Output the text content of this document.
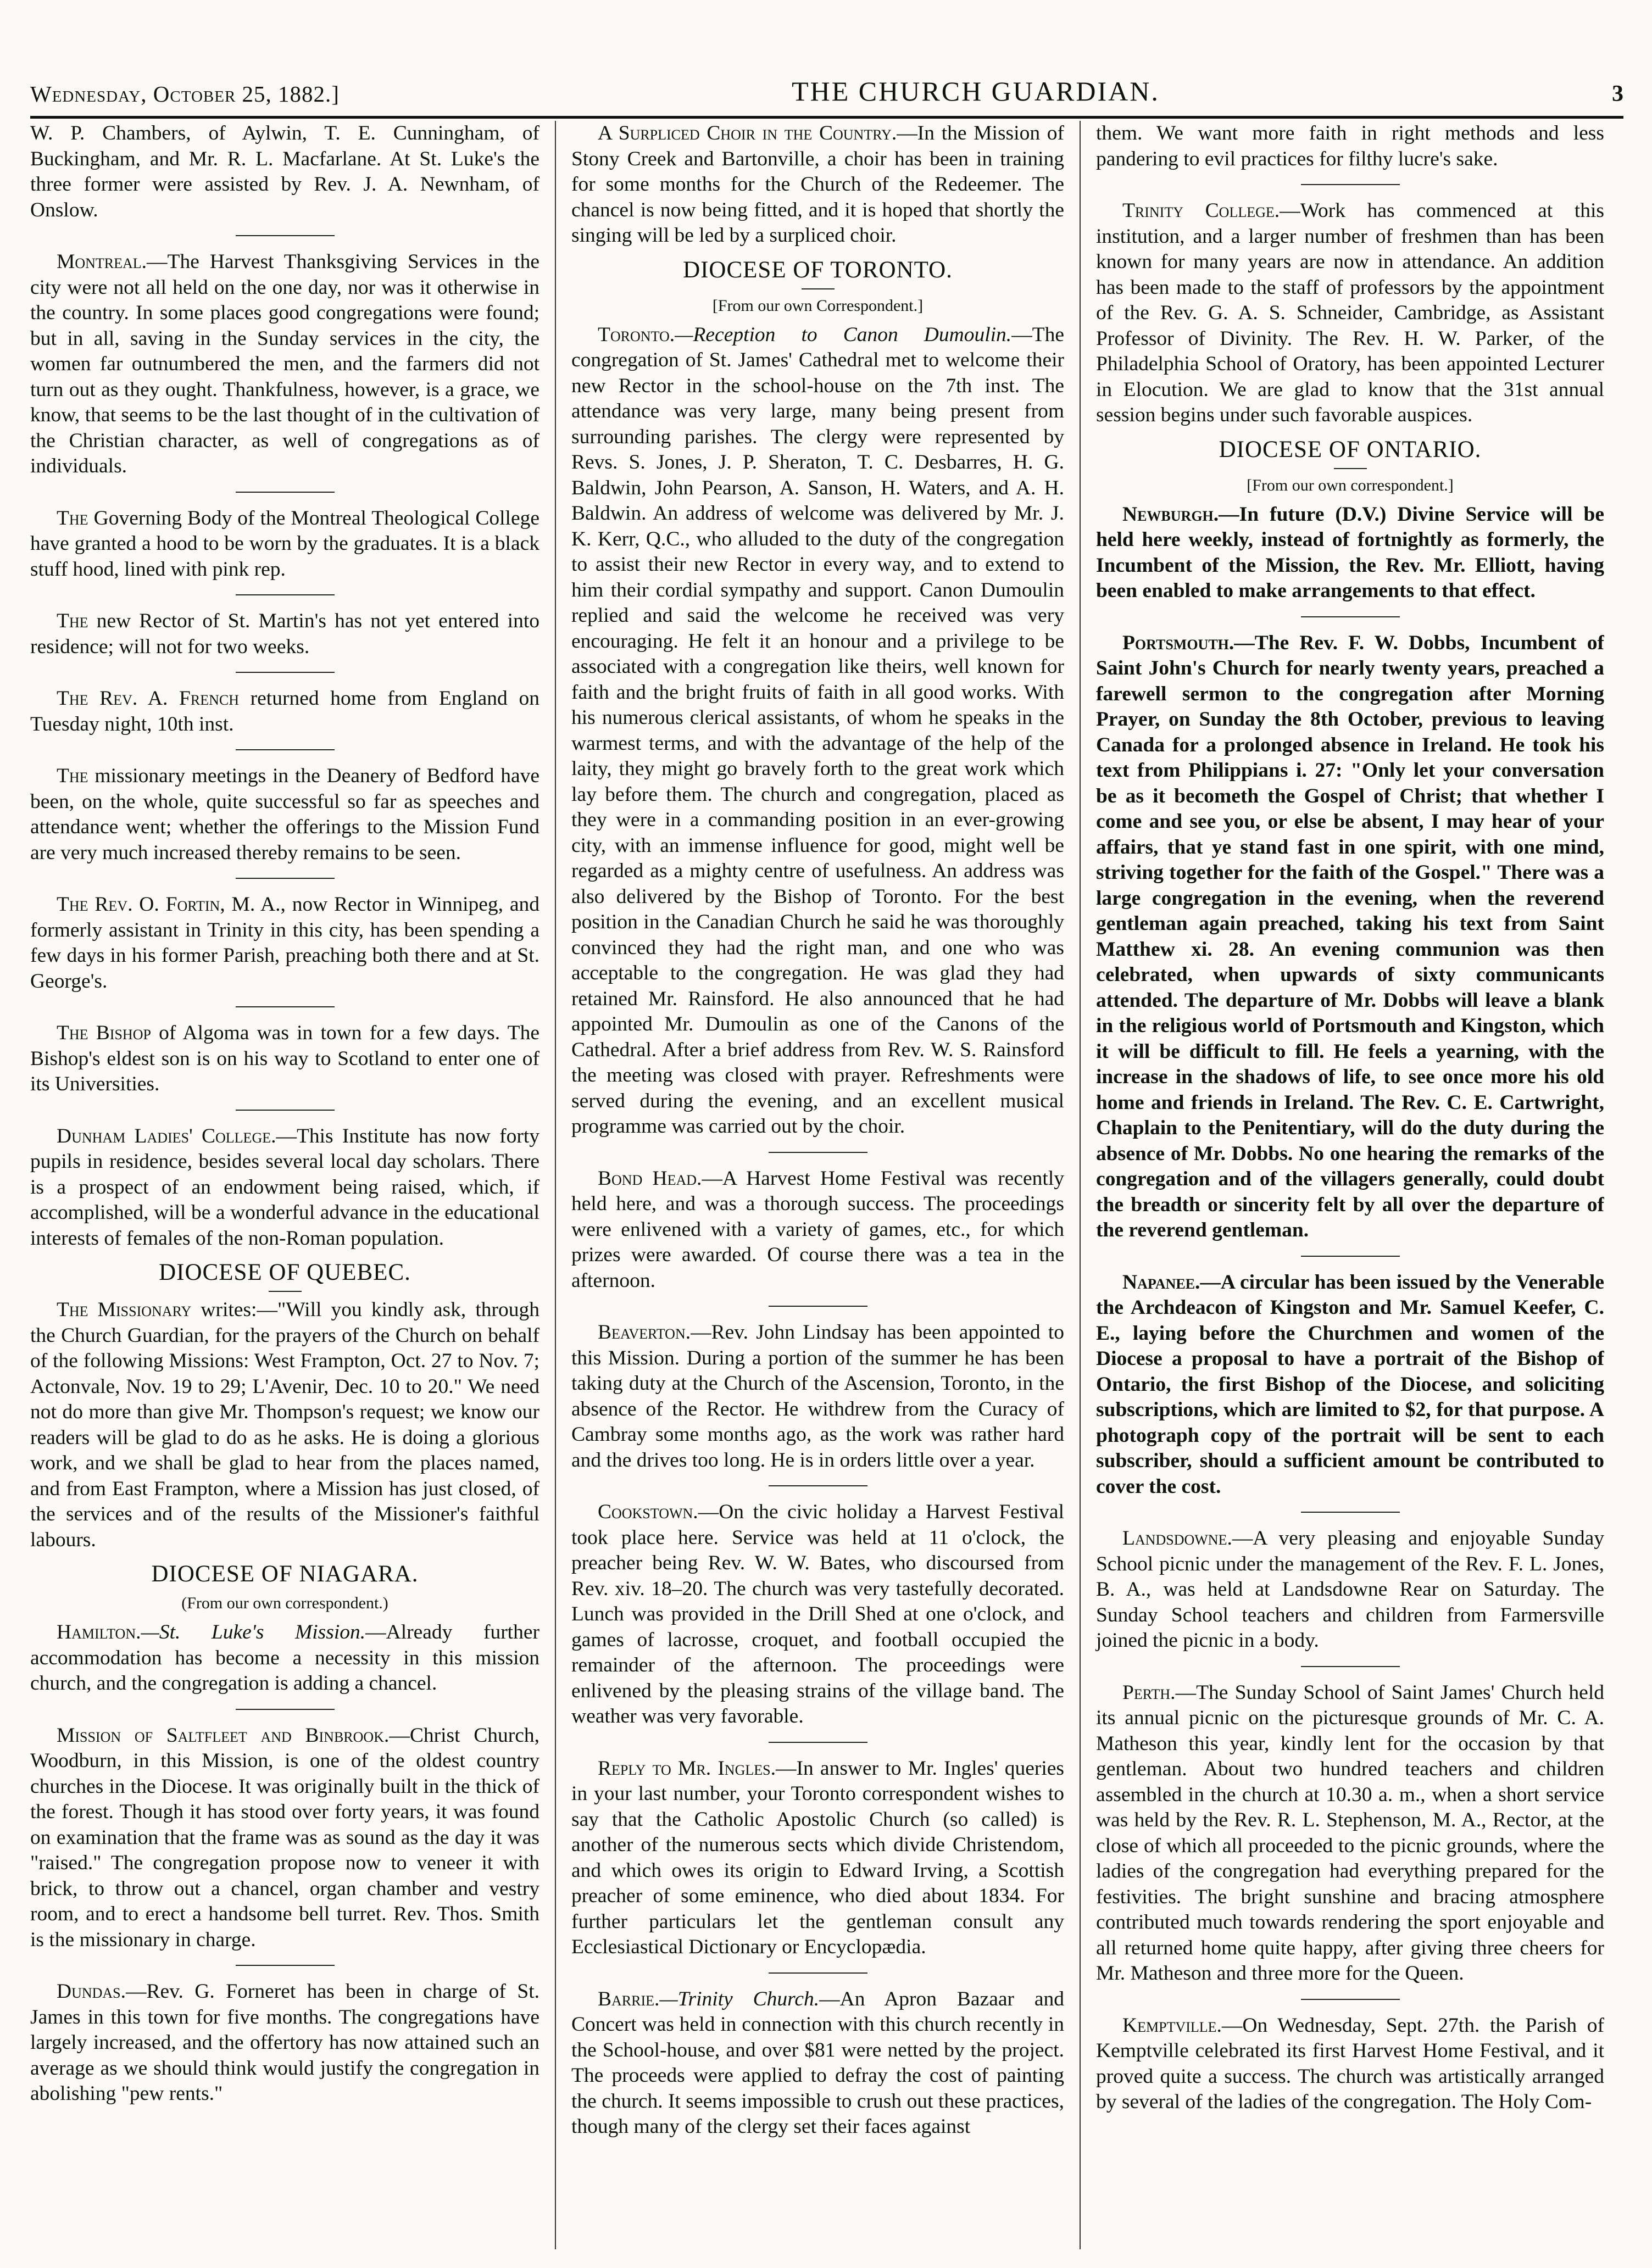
Wednesday, October 25, 1882.]	THE CHURCH GUARDIAN.	3

W. P. Chambers, of Aylwin, T. E. Cunningham, of Buckingham, and Mr. R. L. Macfarlane. At St. Luke's the three former were assisted by Rev. J. A. Newnham, of Onslow.

Montreal.—The Harvest Thanksgiving Services in the city were not all held on the one day, nor was it otherwise in the country. In some places good congregations were found; but in all, saving in the Sunday services in the city, the women far outnumbered the men, and the farmers did not turn out as they ought. Thankfulness, however, is a grace, we know, that seems to be the last thought of in the cultivation of the Christian character, as well of congregations as of individuals.

The Governing Body of the Montreal Theological College have granted a hood to be worn by the graduates. It is a black stuff hood, lined with pink rep.

The new Rector of St. Martin's has not yet entered into residence; will not for two weeks.

The Rev. A. French returned home from England on Tuesday night, 10th inst.

The missionary meetings in the Deanery of Bedford have been, on the whole, quite successful so far as speeches and attendance went; whether the offerings to the Mission Fund are very much increased thereby remains to be seen.

The Rev. O. Fortin, M. A., now Rector in Winnipeg, and formerly assistant in Trinity in this city, has been spending a few days in his former Parish, preaching both there and at St. George's.

The Bishop of Algoma was in town for a few days. The Bishop's eldest son is on his way to Scotland to enter one of its Universities.

Dunham Ladies' College.—This Institute has now forty pupils in residence, besides several local day scholars. There is a prospect of an endowment being raised, which, if accomplished, will be a wonderful advance in the educational interests of females of the non-Roman population.

DIOCESE OF QUEBEC.

The Missionary writes:—"Will you kindly ask, through the Church Guardian, for the prayers of the Church on behalf of the following Missions: West Frampton, Oct. 27 to Nov. 7; Actonvale, Nov. 19 to 29; L'Avenir, Dec. 10 to 20." We need not do more than give Mr. Thompson's request; we know our readers will be glad to do as he asks. He is doing a glorious work, and we shall be glad to hear from the places named, and from East Frampton, where a Mission has just closed, of the services and of the results of the Missioner's faithful labours.

DIOCESE OF NIAGARA.
(From our own correspondent.)

Hamilton.—St. Luke's Mission.—Already further accommodation has become a necessity in this mission church, and the congregation is adding a chancel.

Mission of Saltfleet and Binbrook.—Christ Church, Woodburn, in this Mission, is one of the oldest country churches in the Diocese. It was originally built in the thick of the forest. Though it has stood over forty years, it was found on examination that the frame was as sound as the day it was "raised." The congregation propose now to veneer it with brick, to throw out a chancel, organ chamber and vestry room, and to erect a handsome bell turret. Rev. Thos. Smith is the missionary in charge.

Dundas.—Rev. G. Forneret has been in charge of St. James in this town for five months. The congregations have largely increased, and the offertory has now attained such an average as we should think would justify the congregation in abolishing "pew rents."

A Surpliced Choir in the Country.—In the Mission of Stony Creek and Bartonville, a choir has been in training for some months for the Church of the Redeemer. The chancel is now being fitted, and it is hoped that shortly the singing will be led by a surpliced choir.

DIOCESE OF TORONTO.
[From our own Correspondent.]

Toronto.—Reception to Canon Dumoulin.—The congregation of St. James' Cathedral met to welcome their new Rector in the school-house on the 7th inst. The attendance was very large, many being present from surrounding parishes. The clergy were represented by Revs. S. Jones, J. P. Sheraton, T. C. Desbarres, H. G. Baldwin, John Pearson, A. Sanson, H. Waters, and A. H. Baldwin. An address of welcome was delivered by Mr. J. K. Kerr, Q.C., who alluded to the duty of the congregation to assist their new Rector in every way, and to extend to him their cordial sympathy and support. Canon Dumoulin replied and said the welcome he received was very encouraging. He felt it an honour and a privilege to be associated with a congregation like theirs, well known for faith and the bright fruits of faith in all good works. With his numerous clerical assistants, of whom he speaks in the warmest terms, and with the advantage of the help of the laity, they might go bravely forth to the great work which lay before them. The church and congregation, placed as they were in a commanding position in an ever-growing city, with an immense influence for good, might well be regarded as a mighty centre of usefulness. An address was also delivered by the Bishop of Toronto. For the best position in the Canadian Church he said he was thoroughly convinced they had the right man, and one who was acceptable to the congregation. He was glad they had retained Mr. Rainsford. He also announced that he had appointed Mr. Dumoulin as one of the Canons of the Cathedral. After a brief address from Rev. W. S. Rainsford the meeting was closed with prayer. Refreshments were served during the evening, and an excellent musical programme was carried out by the choir.

Bond Head.—A Harvest Home Festival was recently held here, and was a thorough success. The proceedings were enlivened with a variety of games, etc., for which prizes were awarded. Of course there was a tea in the afternoon.

Beaverton.—Rev. John Lindsay has been appointed to this Mission. During a portion of the summer he has been taking duty at the Church of the Ascension, Toronto, in the absence of the Rector. He withdrew from the Curacy of Cambray some months ago, as the work was rather hard and the drives too long. He is in orders little over a year.

Cookstown.—On the civic holiday a Harvest Festival took place here. Service was held at 11 o'clock, the preacher being Rev. W. W. Bates, who discoursed from Rev. xiv. 18–20. The church was very tastefully decorated. Lunch was provided in the Drill Shed at one o'clock, and games of lacrosse, croquet, and football occupied the remainder of the afternoon. The proceedings were enlivened by the pleasing strains of the village band. The weather was very favorable.

Reply to Mr. Ingles.—In answer to Mr. Ingles' queries in your last number, your Toronto correspondent wishes to say that the Catholic Apostolic Church (so called) is another of the numerous sects which divide Christendom, and which owes its origin to Edward Irving, a Scottish preacher of some eminence, who died about 1834. For further particulars let the gentleman consult any Ecclesiastical Dictionary or Encyclopædia.

Barrie.—Trinity Church.—An Apron Bazaar and Concert was held in connection with this church recently in the School-house, and over $81 were netted by the project. The proceeds were applied to defray the cost of painting the church. It seems impossible to crush out these practices, though many of the clergy set their faces against

them. We want more faith in right methods and less pandering to evil practices for filthy lucre's sake.

Trinity College.—Work has commenced at this institution, and a larger number of freshmen than has been known for many years are now in attendance. An addition has been made to the staff of professors by the appointment of the Rev. G. A. S. Schneider, Cambridge, as Assistant Professor of Divinity. The Rev. H. W. Parker, of the Philadelphia School of Oratory, has been appointed Lecturer in Elocution. We are glad to know that the 31st annual session begins under such favorable auspices.

DIOCESE OF ONTARIO.
[From our own correspondent.]

Newburgh.—In future (D.V.) Divine Service will be held here weekly, instead of fortnightly as formerly, the Incumbent of the Mission, the Rev. Mr. Elliott, having been enabled to make arrangements to that effect.

Portsmouth.—The Rev. F. W. Dobbs, Incumbent of Saint John's Church for nearly twenty years, preached a farewell sermon to the congregation after Morning Prayer, on Sunday the 8th October, previous to leaving Canada for a prolonged absence in Ireland. He took his text from Philippians i. 27: "Only let your conversation be as it becometh the Gospel of Christ; that whether I come and see you, or else be absent, I may hear of your affairs, that ye stand fast in one spirit, with one mind, striving together for the faith of the Gospel." There was a large congregation in the evening, when the reverend gentleman again preached, taking his text from Saint Matthew xi. 28. An evening communion was then celebrated, when upwards of sixty communicants attended. The departure of Mr. Dobbs will leave a blank in the religious world of Portsmouth and Kingston, which it will be difficult to fill. He feels a yearning, with the increase in the shadows of life, to see once more his old home and friends in Ireland. The Rev. C. E. Cartwright, Chaplain to the Penitentiary, will do the duty during the absence of Mr. Dobbs. No one hearing the remarks of the congregation and of the villagers generally, could doubt the breadth or sincerity felt by all over the departure of the reverend gentleman.

Napanee.—A circular has been issued by the Venerable the Archdeacon of Kingston and Mr. Samuel Keefer, C. E., laying before the Churchmen and women of the Diocese a proposal to have a portrait of the Bishop of Ontario, the first Bishop of the Diocese, and soliciting subscriptions, which are limited to $2, for that purpose. A photograph copy of the portrait will be sent to each subscriber, should a sufficient amount be contributed to cover the cost.

Landsdowne.—A very pleasing and enjoyable Sunday School picnic under the management of the Rev. F. L. Jones, B. A., was held at Landsdowne Rear on Saturday. The Sunday School teachers and children from Farmersville joined the picnic in a body.

Perth.—The Sunday School of Saint James' Church held its annual picnic on the picturesque grounds of Mr. C. A. Matheson this year, kindly lent for the occasion by that gentleman. About two hundred teachers and children assembled in the church at 10.30 a. m., when a short service was held by the Rev. R. L. Stephenson, M. A., Rector, at the close of which all proceeded to the picnic grounds, where the ladies of the congregation had everything prepared for the festivities. The bright sunshine and bracing atmosphere contributed much towards rendering the sport enjoyable and all returned home quite happy, after giving three cheers for Mr. Matheson and three more for the Queen.

Kemptville.—On Wednesday, Sept. 27th. the Parish of Kemptville celebrated its first Harvest Home Festival, and it proved quite a success. The church was artistically arranged by several of the ladies of the congregation. The Holy Com-
